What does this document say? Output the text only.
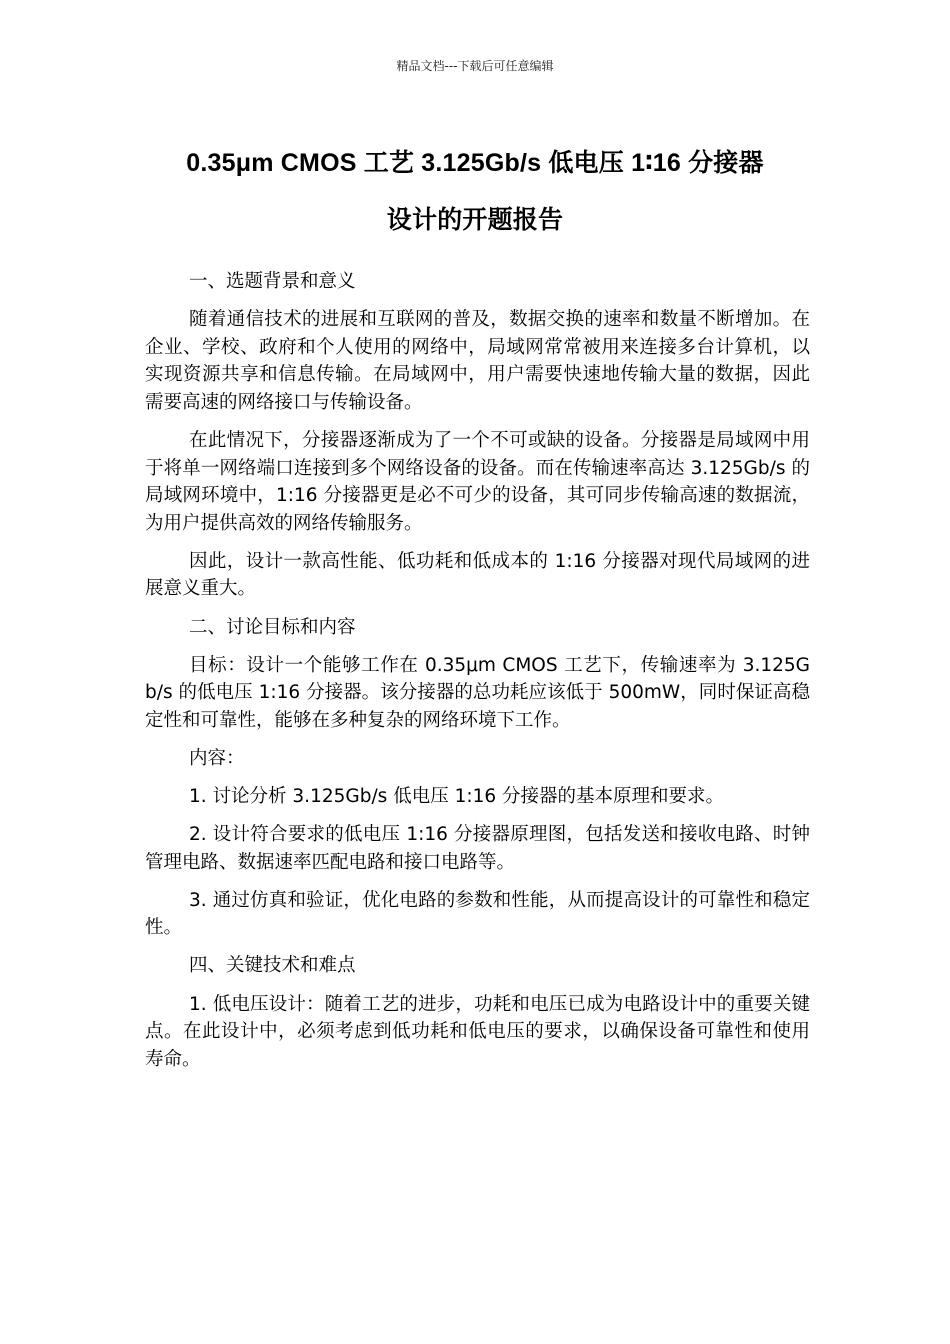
精品文档---下载后可任意编辑
0.35μm CMOS 工艺 3.125Gb/s 低电压 1∶16 分接器
设计的开题报告

一、选题背景和意义

随着通信技术的进展和互联网的普及，数据交换的速率和数量不断增加。在企业、学校、政府和个人使用的网络中，局域网常常被用来连接多台计算机，以实现资源共享和信息传输。在局域网中，用户需要快速地传输大量的数据，因此需要高速的网络接口与传输设备。

在此情况下，分接器逐渐成为了一个不可或缺的设备。分接器是局域网中用于将单一网络端口连接到多个网络设备的设备。而在传输速率高达 3.125Gb/s 的局域网环境中，1:16 分接器更是必不可少的设备，其可同步传输高速的数据流，为用户提供高效的网络传输服务。

因此，设计一款高性能、低功耗和低成本的 1:16 分接器对现代局域网的进展意义重大。

二、讨论目标和内容

目标：设计一个能够工作在 0.35μm CMOS 工艺下，传输速率为 3.125Gb/s 的低电压 1:16 分接器。该分接器的总功耗应该低于 500mW，同时保证高稳定性和可靠性，能够在多种复杂的网络环境下工作。

内容：

1. 讨论分析 3.125Gb/s 低电压 1:16 分接器的基本原理和要求。

2. 设计符合要求的低电压 1:16 分接器原理图，包括发送和接收电路、时钟管理电路、数据速率匹配电路和接口电路等。

3. 通过仿真和验证，优化电路的参数和性能，从而提高设计的可靠性和稳定性。

四、关键技术和难点

1. 低电压设计：随着工艺的进步，功耗和电压已成为电路设计中的重要关键点。在此设计中，必须考虑到低功耗和低电压的要求，以确保设备可靠性和使用寿命。
